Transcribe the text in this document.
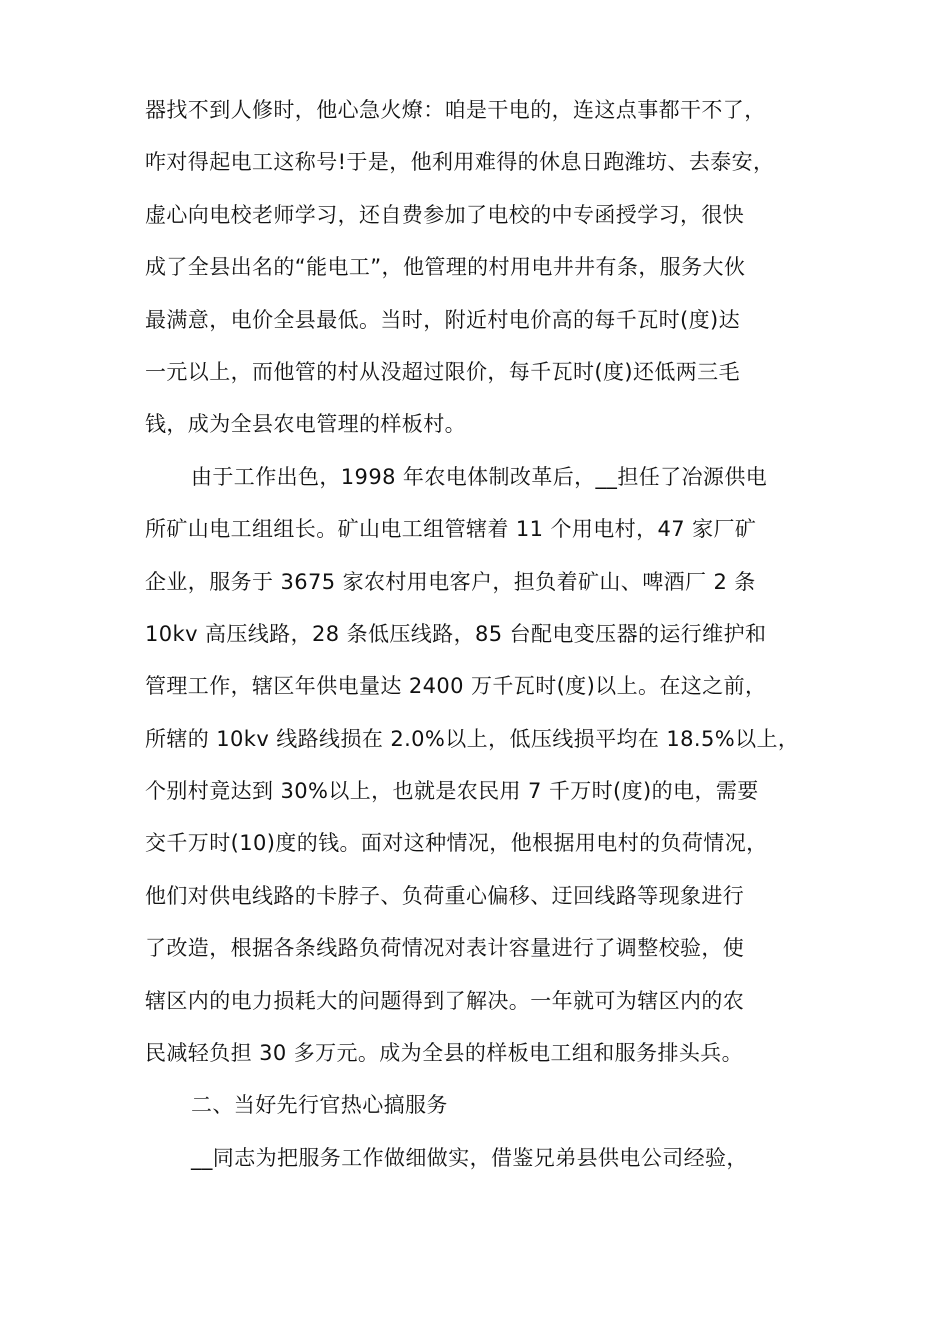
器找不到人修时，他心急火燎：咱是干电的，连这点事都干不了，
咋对得起电工这称号!于是，他利用难得的休息日跑潍坊、去泰安，
虚心向电校老师学习，还自费参加了电校的中专函授学习，很快
成了全县出名的“能电工”，他管理的村用电井井有条，服务大伙
最满意，电价全县最低。当时，附近村电价高的每千瓦时(度)达
一元以上，而他管的村从没超过限价，每千瓦时(度)还低两三毛
钱，成为全县农电管理的样板村。
由于工作出色，1998 年农电体制改革后，__担任了冶源供电
所矿山电工组组长。矿山电工组管辖着 11 个用电村，47 家厂矿
企业，服务于 3675 家农村用电客户，担负着矿山、啤酒厂 2 条
10kv 高压线路，28 条低压线路，85 台配电变压器的运行维护和
管理工作，辖区年供电量达 2400 万千瓦时(度)以上。在这之前，
所辖的 10kv 线路线损在 2.0%以上，低压线损平均在 18.5%以上，
个别村竟达到 30%以上，也就是农民用 7 千万时(度)的电，需要
交千万时(10)度的钱。面对这种情况，他根据用电村的负荷情况，
他们对供电线路的卡脖子、负荷重心偏移、迂回线路等现象进行
了改造，根据各条线路负荷情况对表计容量进行了调整校验，使
辖区内的电力损耗大的问题得到了解决。一年就可为辖区内的农
民减轻负担 30 多万元。成为全县的样板电工组和服务排头兵。
二、当好先行官热心搞服务
__同志为把服务工作做细做实，借鉴兄弟县供电公司经验，
